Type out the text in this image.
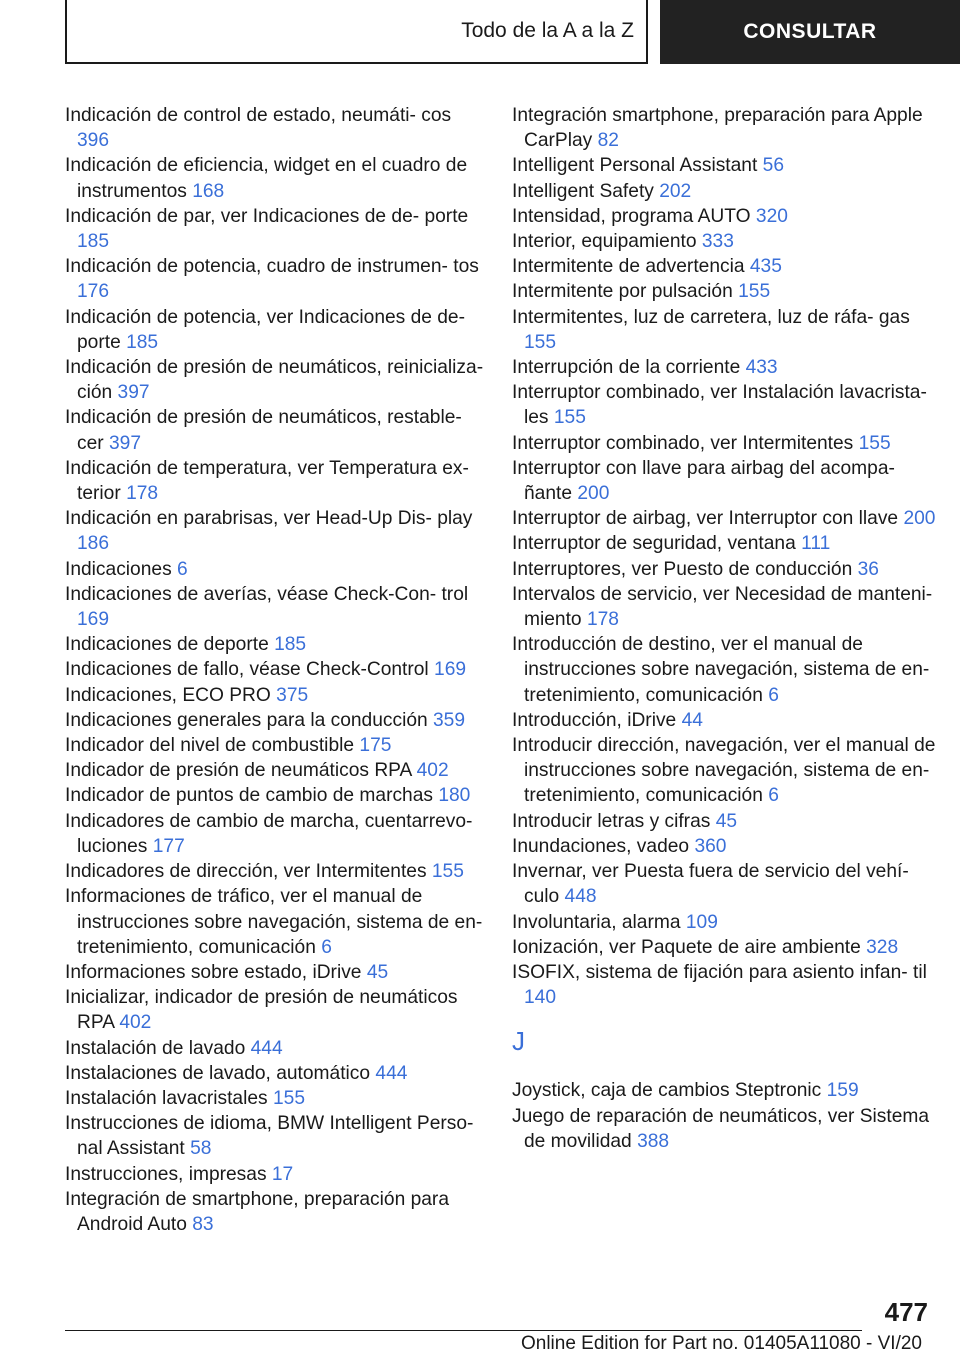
Todo de la A a la Z	CONSULTAR
Indicación de control de estado, neumáti‐ cos 396
Indicación de eficiencia, widget en el cuadro de instrumentos 168
Indicación de par, ver Indicaciones de de‐ porte 185
Indicación de potencia, cuadro de instrumen‐ tos 176
Indicación de potencia, ver Indicaciones de de‐ porte 185
Indicación de presión de neumáticos, reinicializa‐ ción 397
Indicación de presión de neumáticos, restable‐ cer 397
Indicación de temperatura, ver Temperatura ex‐ terior 178
Indicación en parabrisas, ver Head-Up Dis‐ play 186
Indicaciones 6
Indicaciones de averías, véase Check-Con‐ trol 169
Indicaciones de deporte 185
Indicaciones de fallo, véase Check-Control 169
Indicaciones, ECO PRO 375
Indicaciones generales para la conducción 359
Indicador del nivel de combustible 175
Indicador de presión de neumáticos RPA 402
Indicador de puntos de cambio de marchas 180
Indicadores de cambio de marcha, cuentarrevo‐ luciones 177
Indicadores de dirección, ver Intermitentes 155
Informaciones de tráfico, ver el manual de instrucciones sobre navegación, sistema de en‐ tretenimiento, comunicación 6
Informaciones sobre estado, iDrive 45
Inicializar, indicador de presión de neumáticos RPA 402
Instalación de lavado 444
Instalaciones de lavado, automático 444
Instalación lavacristales 155
Instrucciones de idioma, BMW Intelligent Perso‐ nal Assistant 58
Instrucciones, impresas 17
Integración de smartphone, preparación para Android Auto 83
Integración smartphone, preparación para Apple CarPlay 82
Intelligent Personal Assistant 56
Intelligent Safety 202
Intensidad, programa AUTO 320
Interior, equipamiento 333
Intermitente de advertencia 435
Intermitente por pulsación 155
Intermitentes, luz de carretera, luz de ráfa‐ gas 155
Interrupción de la corriente 433
Interruptor combinado, ver Instalación lavacrista‐ les 155
Interruptor combinado, ver Intermitentes 155
Interruptor con llave para airbag del acompa‐ ñante 200
Interruptor de airbag, ver Interruptor con llave 200
Interruptor de seguridad, ventana 111
Interruptores, ver Puesto de conducción 36
Intervalos de servicio, ver Necesidad de manteni‐ miento 178
Introducción de destino, ver el manual de instrucciones sobre navegación, sistema de en‐ tretenimiento, comunicación 6
Introducción, iDrive 44
Introducir dirección, navegación, ver el manual de instrucciones sobre navegación, sistema de en‐ tretenimiento, comunicación 6
Introducir letras y cifras 45
Inundaciones, vadeo 360
Invernar, ver Puesta fuera de servicio del vehí‐ culo 448
Involuntaria, alarma 109
Ionización, ver Paquete de aire ambiente 328
ISOFIX, sistema de fijación para asiento infan‐ til 140
J
Joystick, caja de cambios Steptronic 159
Juego de reparación de neumáticos, ver Sistema de movilidad 388
477
Online Edition for Part no. 01405A11080 - VI/20
